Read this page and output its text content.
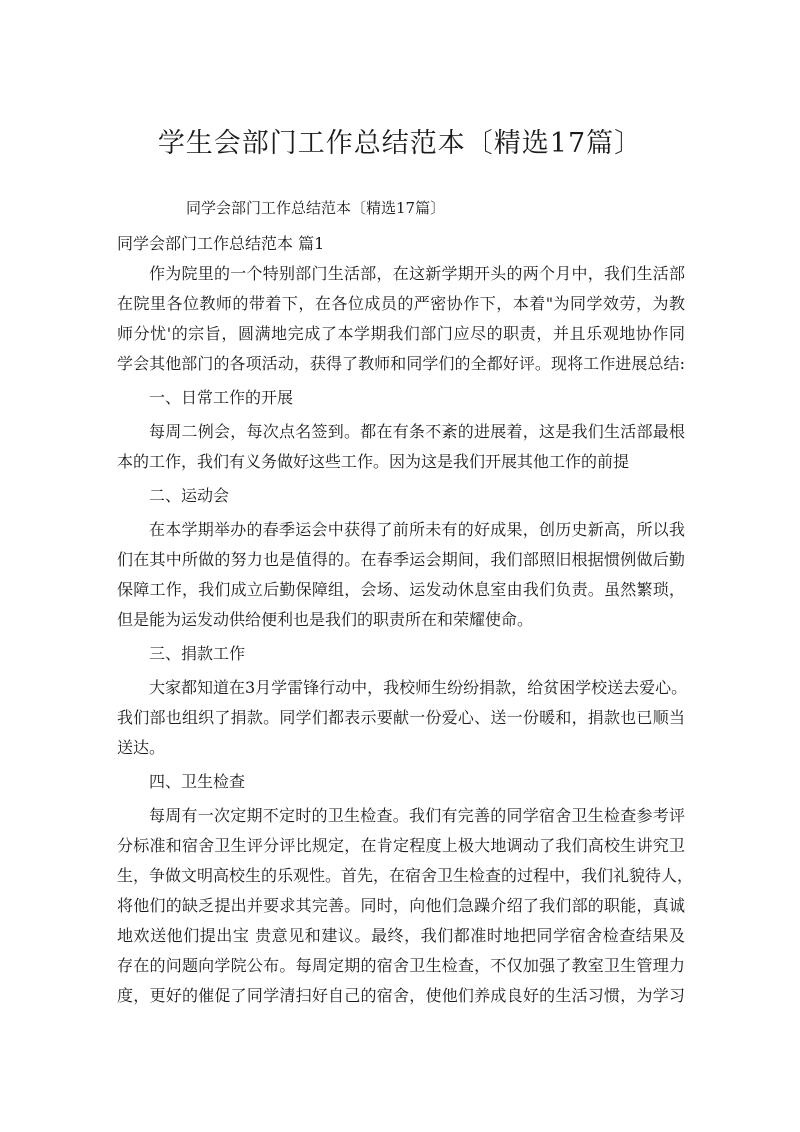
学生会部门工作总结范本〔精选17篇〕

同学会部门工作总结范本〔精选17篇〕

同学会部门工作总结范本 篇1

作为院里的一个特别部门生活部，在这新学期开头的两个月中，我们生活部

在院里各位教师的带着下，在各位成员的严密协作下，本着"为同学效劳，为教

师分忧'的宗旨，圆满地完成了本学期我们部门应尽的职责，并且乐观地协作同

学会其他部门的各项活动，获得了教师和同学们的全都好评。现将工作进展总结:

一、日常工作的开展

每周二例会，每次点名签到。都在有条不紊的进展着，这是我们生活部最根

本的工作，我们有义务做好这些工作。因为这是我们开展其他工作的前提

二、运动会

在本学期举办的春季运会中获得了前所未有的好成果，创历史新高，所以我

们在其中所做的努力也是值得的。在春季运会期间，我们部照旧根据惯例做后勤

保障工作，我们成立后勤保障组，会场、运发动休息室由我们负责。虽然繁琐，

但是能为运发动供给便利也是我们的职责所在和荣耀使命。

三、捐款工作

大家都知道在3月学雷锋行动中，我校师生纷纷捐款，给贫困学校送去爱心。

我们部也组织了捐款。同学们都表示要献一份爱心、送一份暖和，捐款也已顺当

送达。

四、卫生检查

每周有一次定期不定时的卫生检查。我们有完善的同学宿舍卫生检查参考评

分标准和宿舍卫生评分评比规定，在肯定程度上极大地调动了我们高校生讲究卫

生，争做文明高校生的乐观性。首先，在宿舍卫生检查的过程中，我们礼貌待人，

将他们的缺乏提出并要求其完善。同时，向他们急躁介绍了我们部的职能，真诚

地欢送他们提出宝 贵意见和建议。最终，我们都准时地把同学宿舍检查结果及

存在的问题向学院公布。每周定期的宿舍卫生检查，不仅加强了教室卫生管理力

度，更好的催促了同学清扫好自己的宿舍，使他们养成良好的生活习惯，为学习
